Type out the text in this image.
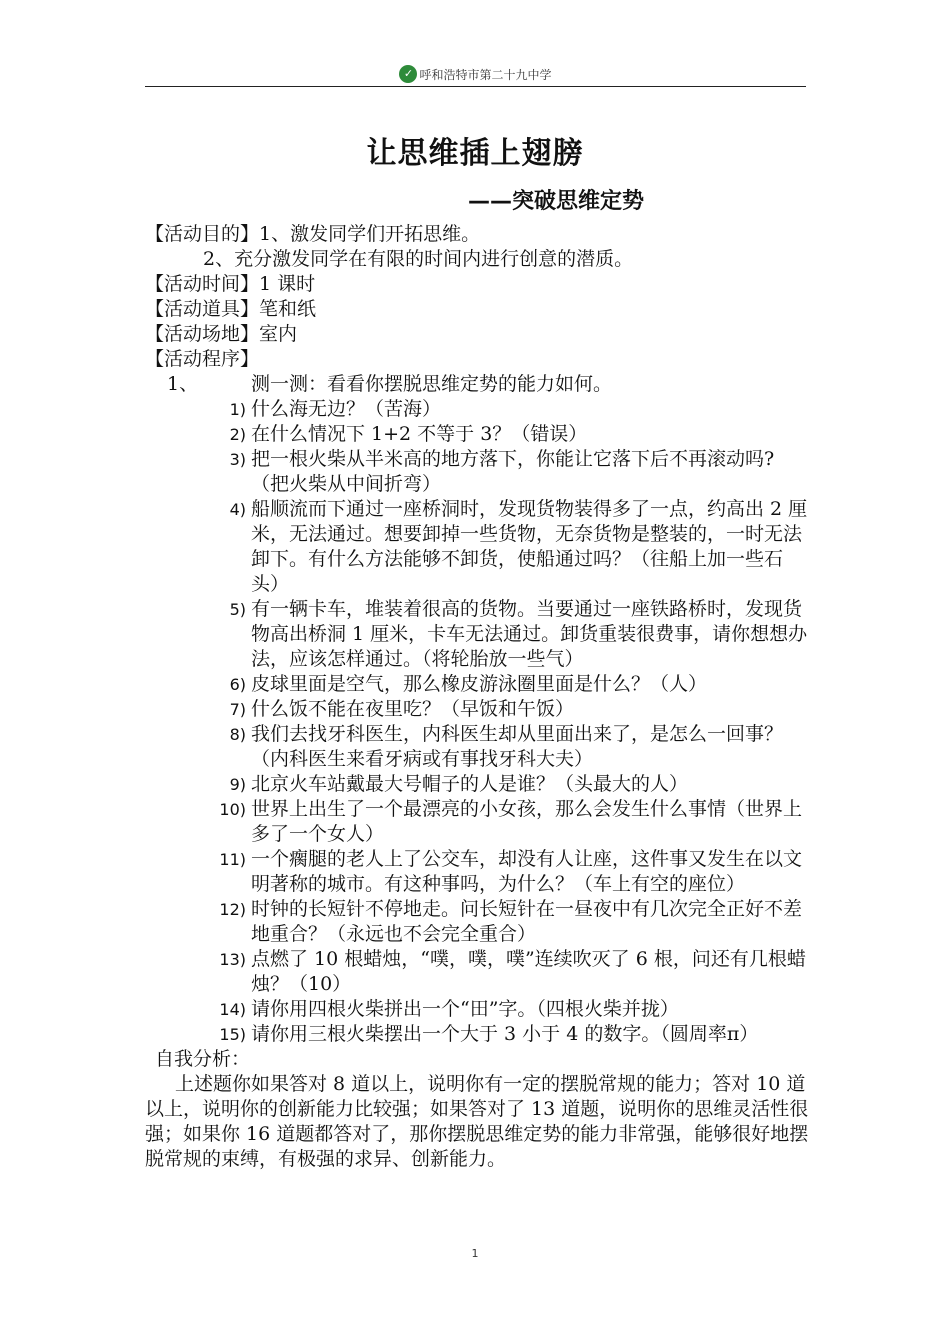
✓ 呼和浩特市第二十九中学
让思维插上翅膀
——突破思维定势
【活动目的】1、激发同学们开拓思维。
2、充分激发同学在有限的时间内进行创意的潜质。
【活动时间】1 课时
【活动道具】笔和纸
【活动场地】室内
【活动程序】
1、	测一测：看看你摆脱思维定势的能力如何。
1) 什么海无边？（苦海）
2) 在什么情况下 1+2 不等于 3？（错误）
3) 把一根火柴从半米高的地方落下，你能让它落下后不再滚动吗?（把火柴从中间折弯）
4) 船顺流而下通过一座桥洞时，发现货物装得多了一点，约高出 2 厘米，无法通过。想要卸掉一些货物，无奈货物是整装的，一时无法卸下。有什么方法能够不卸货，使船通过吗？（往船上加一些石头）
5) 有一辆卡车，堆装着很高的货物。当要通过一座铁路桥时，发现货物高出桥洞 1 厘米，卡车无法通过。卸货重装很费事，请你想想办法，应该怎样通过。（将轮胎放一些气）
6) 皮球里面是空气，那么橡皮游泳圈里面是什么？（人）
7) 什么饭不能在夜里吃？（早饭和午饭）
8) 我们去找牙科医生，内科医生却从里面出来了，是怎么一回事？（内科医生来看牙病或有事找牙科大夫）
9) 北京火车站戴最大号帽子的人是谁？（头最大的人）
10) 世界上出生了一个最漂亮的小女孩，那么会发生什么事情（世界上多了一个女人）
11) 一个瘸腿的老人上了公交车，却没有人让座，这件事又发生在以文明著称的城市。有这种事吗，为什么？（车上有空的座位）
12) 时钟的长短针不停地走。问长短针在一昼夜中有几次完全正好不差地重合？（永远也不会完全重合）
13) 点燃了 10 根蜡烛，“噗，噗，噗”连续吹灭了 6 根，问还有几根蜡烛？（10）
14) 请你用四根火柴拼出一个“田”字。（四根火柴并拢）
15) 请你用三根火柴摆出一个大于 3 小于 4 的数字。（圆周率π）
自我分析：
上述题你如果答对 8 道以上，说明你有一定的摆脱常规的能力；答对 10 道以上，说明你的创新能力比较强；如果答对了 13 道题，说明你的思维灵活性很强；如果你 16 道题都答对了，那你摆脱思维定势的能力非常强，能够很好地摆脱常规的束缚，有极强的求异、创新能力。
1
